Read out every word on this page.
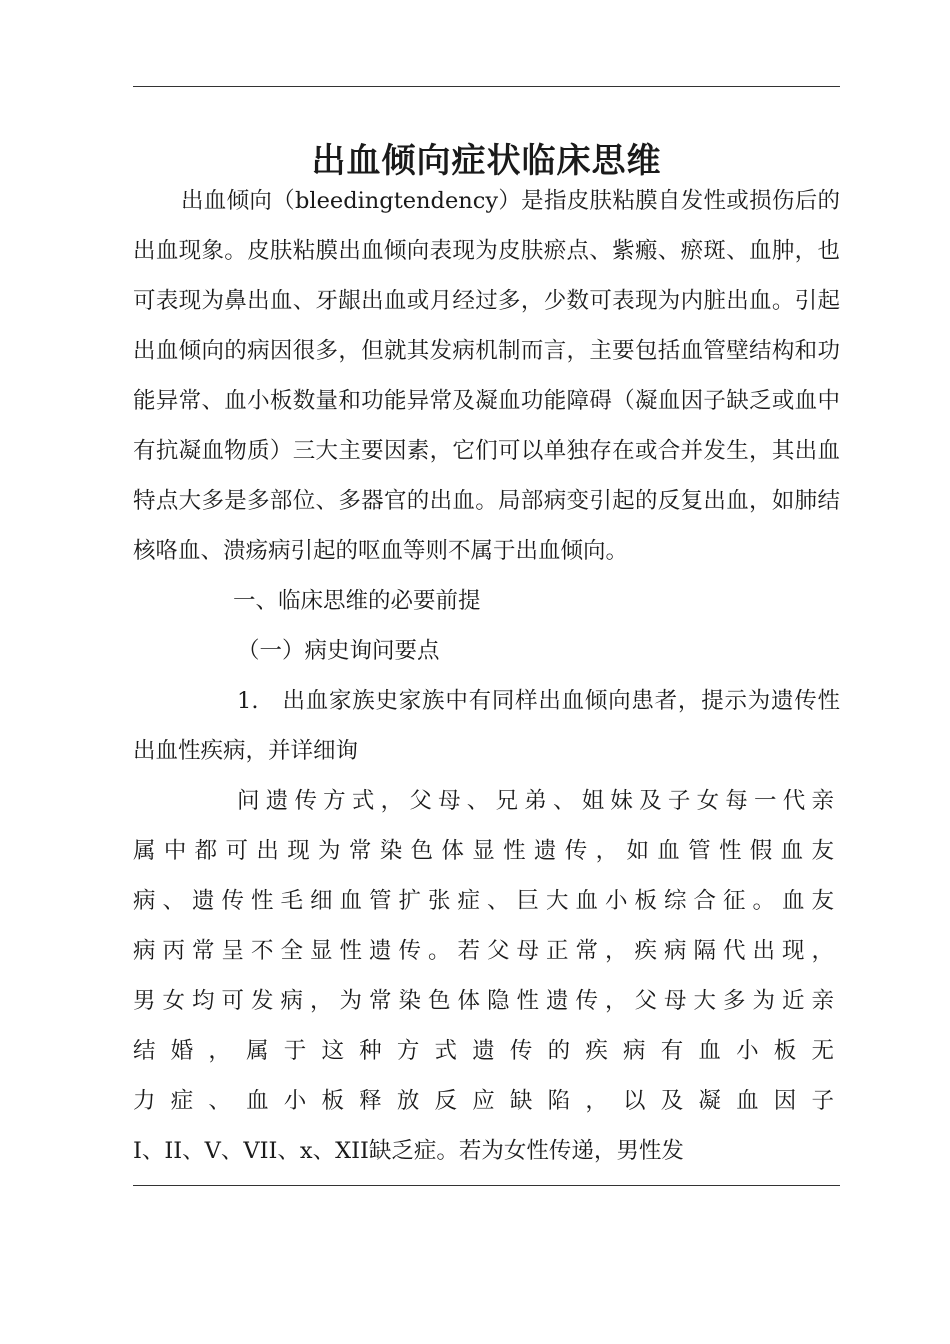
出血倾向症状临床思维

出血倾向（bleedingtendency）是指皮肤粘膜自发性或损伤后的出血现象。皮肤粘膜出血倾向表现为皮肤瘀点、紫瘢、瘀斑、血肿，也可表现为鼻出血、牙龈出血或月经过多，少数可表现为内脏出血。引起出血倾向的病因很多，但就其发病机制而言，主要包括血管壁结构和功能异常、血小板数量和功能异常及凝血功能障碍（凝血因子缺乏或血中有抗凝血物质）三大主要因素，它们可以单独存在或合并发生，其出血特点大多是多部位、多器官的出血。局部病变引起的反复出血，如肺结核咯血、溃疡病引起的呕血等则不属于出血倾向。

一、临床思维的必要前提

（一）病史询问要点

1.　出血家族史家族中有同样出血倾向患者，提示为遗传性出血性疾病，并详细询

问遗传方式，父母、兄弟、姐妹及子女每一代亲属中都可出现为常染色体显性遗传，如血管性假血友病、遗传性毛细血管扩张症、巨大血小板综合征。血友病丙常呈不全显性遗传。若父母正常，疾病隔代出现，男女均可发病，为常染色体隐性遗传，父母大多为近亲结婚，属于这种方式遗传的疾病有血小板无

力症、血小板释放反应缺陷，以及凝血因子

I、II、V、VII、x、XII缺乏症。若为女性传递，男性发
